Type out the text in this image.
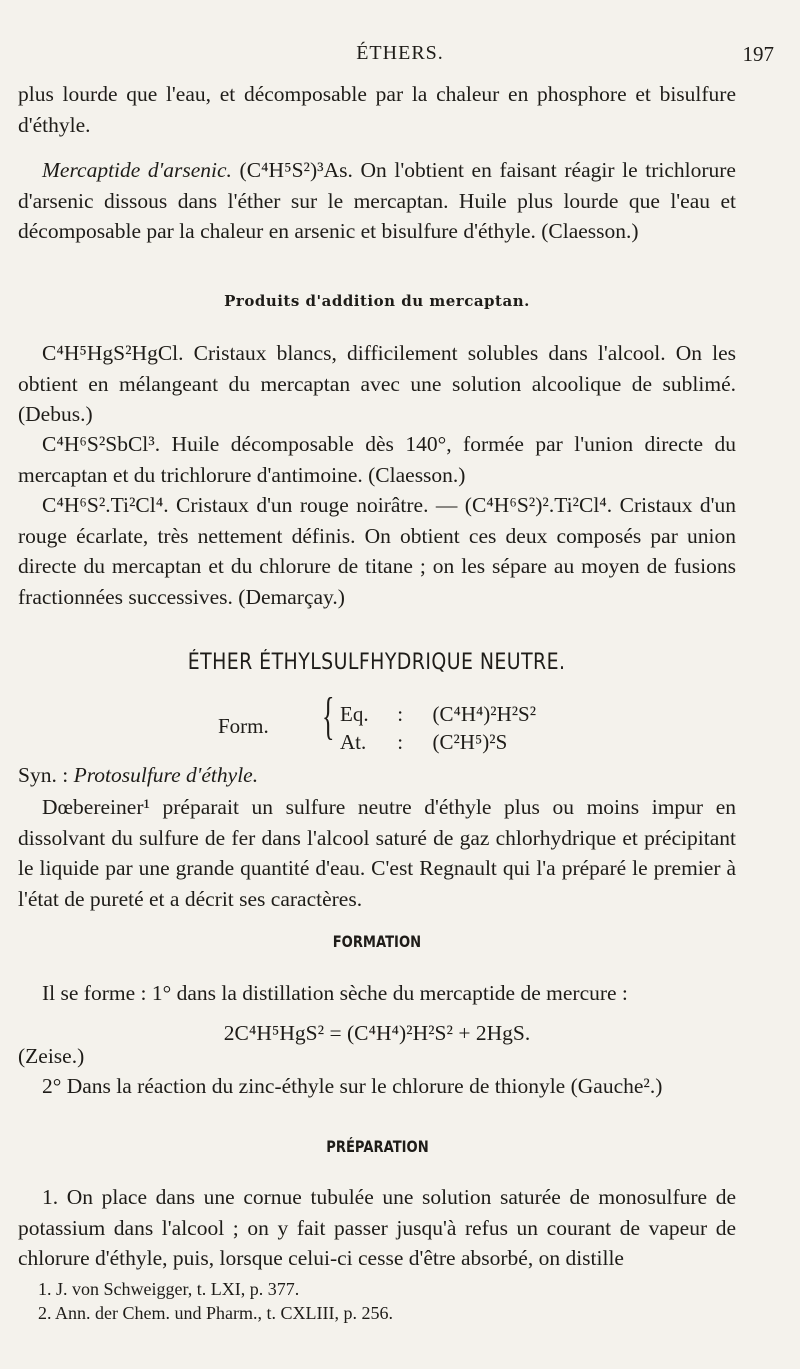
ÉTHERS.	197

plus lourde que l'eau, et décomposable par la chaleur en phosphore et bisulfure d'éthyle.

Mercaptide d'arsenic. (C⁴H⁵S²)³As. On l'obtient en faisant réagir le trichlorure d'arsenic dissous dans l'éther sur le mercaptan. Huile plus lourde que l'eau et décomposable par la chaleur en arsenic et bisulfure d'éthyle. (Claesson.)

Produits d'addition du mercaptan.

C⁴H⁵HgS²HgCl. Cristaux blancs, difficilement solubles dans l'alcool. On les obtient en mélangeant du mercaptan avec une solution alcoolique de sublimé. (Debus.)

C⁴H⁶S²SbCl³. Huile décomposable dès 140°, formée par l'union directe du mercaptan et du trichlorure d'antimoine. (Claesson.)

C⁴H⁶S².Ti²Cl⁴. Cristaux d'un rouge noirâtre. — (C⁴H⁶S²)².Ti²Cl⁴. Cristaux d'un rouge écarlate, très nettement définis. On obtient ces deux composés par union directe du mercaptan et du chlorure de titane ; on les sépare au moyen de fusions fractionnées successives. (Demarçay.)

ÉTHER ÉTHYLSULFHYDRIQUE NEUTRE.
Form. { Eq. : (C⁴H⁴)²H²S²
At. : (C²H⁵)²S

Syn. : Protosulfure d'éthyle.

Dœbereiner¹ préparait un sulfure neutre d'éthyle plus ou moins impur en dissolvant du sulfure de fer dans l'alcool saturé de gaz chlorhydrique et précipitant le liquide par une grande quantité d'eau. C'est Regnault qui l'a préparé le premier à l'état de pureté et a décrit ses caractères.

FORMATION

Il se forme : 1° dans la distillation sèche du mercaptide de mercure :

2C⁴H⁵HgS² = (C⁴H⁴)²H²S² + 2HgS.

(Zeise.)

2° Dans la réaction du zinc-éthyle sur le chlorure de thionyle (Gauche².)

PRÉPARATION

1. On place dans une cornue tubulée une solution saturée de monosulfure de potassium dans l'alcool ; on y fait passer jusqu'à refus un courant de vapeur de chlorure d'éthyle, puis, lorsque celui-ci cesse d'être absorbé, on distille

1. J. von Schweigger, t. LXI, p. 377.

2. Ann. der Chem. und Pharm., t. CXLIII, p. 256.
